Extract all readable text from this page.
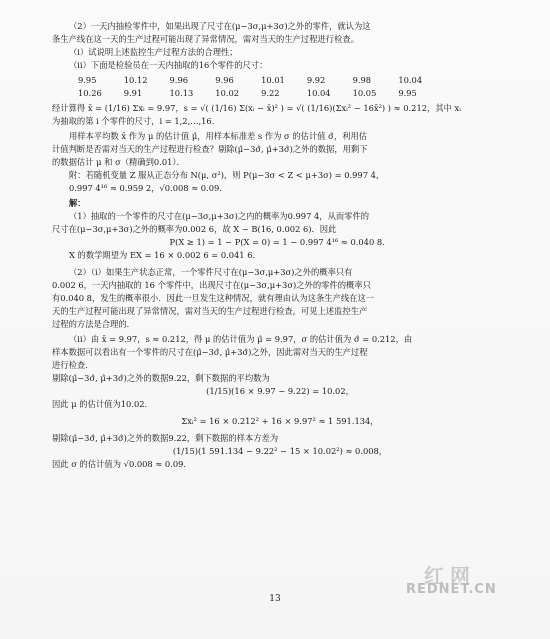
（2）一天内抽检零件中，如果出现了尺寸在(μ−3σ,μ+3σ)之外的零件，就认为这

条生产线在这一天的生产过程可能出现了异常情况，需对当天的生产过程进行检查。

（ⅰ）试说明上述监控生产过程方法的合理性；

（ⅱ）下面是检验员在一天内抽取的16个零件的尺寸：

9.95	10.12	9.96	9.96	10.01	9.92	9.98	10.04
10.26	9.91	10.13	10.02	9.22	10.04	10.05	9.95

经计算得 x̄ = (1/16) Σxᵢ = 9.97，s = √( (1/16) Σ(xᵢ − x̄)² ) = √( (1/16)(Σxᵢ² − 16x̄²) ) ≈ 0.212，其中 xᵢ

为抽取的第 i 个零件的尺寸，i = 1,2,…,16．

用样本平均数 x̄ 作为 μ 的估计值 μ̂，用样本标准差 s 作为 σ 的估计值 σ̂，利用估

计值判断是否需对当天的生产过程进行检查？剔除(μ̂−3σ̂, μ̂+3σ̂)之外的数据，用剩下

的数据估计 μ 和 σ（精确到0.01）．

附：若随机变量 Z 服从正态分布 N(μ, σ²)，则 P(μ−3σ < Z < μ+3σ) = 0.997 4，

0.997 4¹⁶ ≈ 0.959 2，√0.008 ≈ 0.09．

解：

（1）抽取的一个零件的尺寸在(μ−3σ,μ+3σ)之内的概率为0.997 4，从而零件的

尺寸在(μ−3σ,μ+3σ)之外的概率为0.002 6，故 X ~ B(16, 0.002 6)．因此

P(X ≥ 1) = 1 − P(X = 0) = 1 − 0.997 4¹⁶ ≈ 0.040 8．

X 的数学期望为 EX = 16 × 0.002 6 = 0.041 6．

（2）（ⅰ）如果生产状态正常，一个零件尺寸在(μ−3σ,μ+3σ)之外的概率只有

0.002 6，一天内抽取的 16 个零件中，出现尺寸在(μ−3σ,μ+3σ)之外的零件的概率只

有0.040 8，发生的概率很小．因此一旦发生这种情况，就有理由认为这条生产线在这一

天的生产过程可能出现了异常情况，需对当天的生产过程进行检查，可见上述监控生产

过程的方法是合理的．

（ⅱ）由 x̄ = 9.97，s ≈ 0.212，得 μ 的估计值为 μ̂ = 9.97，σ 的估计值为 σ̂ = 0.212，由

样本数据可以看出有一个零件的尺寸在(μ̂−3σ̂, μ̂+3σ̂)之外，因此需对当天的生产过程

进行检查．

剔除(μ̂−3σ̂, μ̂+3σ̂)之外的数据9.22，剩下数据的平均数为

(1/15)(16 × 9.97 − 9.22) = 10.02，

因此 μ 的估计值为10.02．

Σxᵢ² = 16 × 0.212² + 16 × 9.97² ≈ 1 591.134，

剔除(μ̂−3σ̂, μ̂+3σ̂)之外的数据9.22，剩下数据的样本方差为

(1/15)(1 591.134 − 9.22² − 15 × 10.02²) ≈ 0.008，

因此 σ 的估计值为 √0.008 ≈ 0.09．

13
红网
REDNET.CN
